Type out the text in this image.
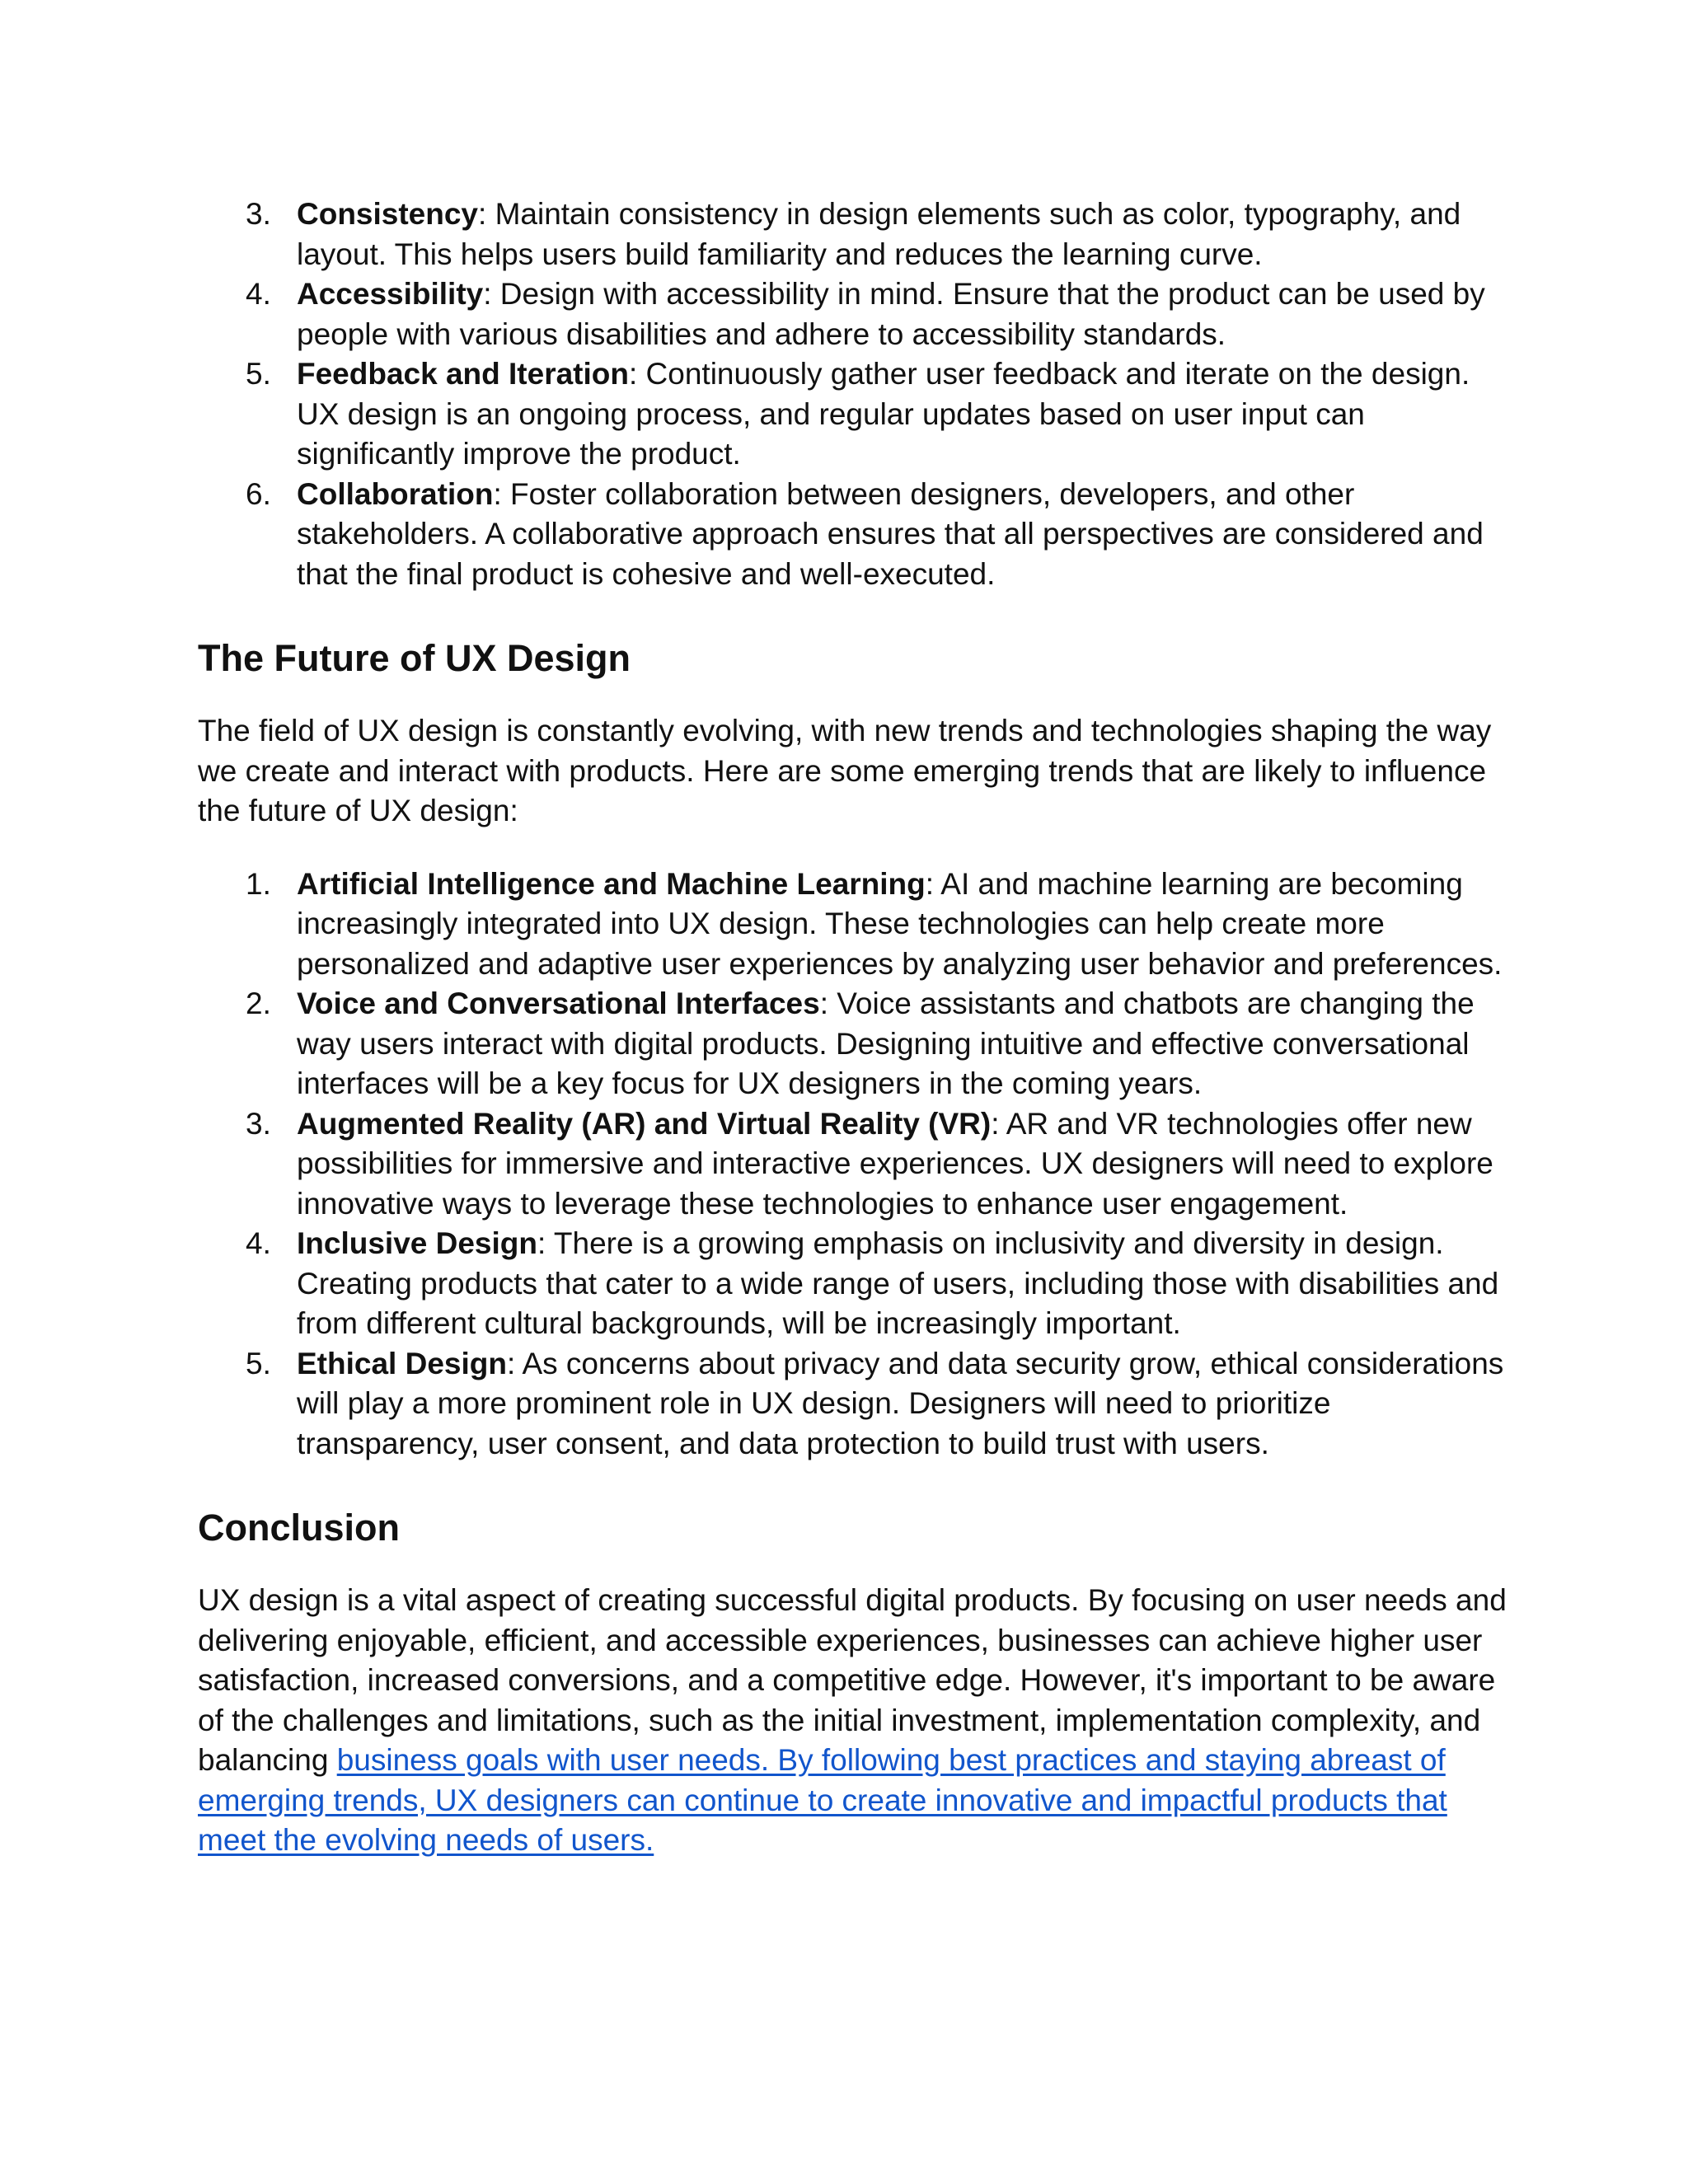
3. Consistency: Maintain consistency in design elements such as color, typography, and layout. This helps users build familiarity and reduces the learning curve.
4. Accessibility: Design with accessibility in mind. Ensure that the product can be used by people with various disabilities and adhere to accessibility standards.
5. Feedback and Iteration: Continuously gather user feedback and iterate on the design. UX design is an ongoing process, and regular updates based on user input can significantly improve the product.
6. Collaboration: Foster collaboration between designers, developers, and other stakeholders. A collaborative approach ensures that all perspectives are considered and that the final product is cohesive and well-executed.
The Future of UX Design

The field of UX design is constantly evolving, with new trends and technologies shaping the way we create and interact with products. Here are some emerging trends that are likely to influence the future of UX design:

1. Artificial Intelligence and Machine Learning: AI and machine learning are becoming increasingly integrated into UX design. These technologies can help create more personalized and adaptive user experiences by analyzing user behavior and preferences.
2. Voice and Conversational Interfaces: Voice assistants and chatbots are changing the way users interact with digital products. Designing intuitive and effective conversational interfaces will be a key focus for UX designers in the coming years.
3. Augmented Reality (AR) and Virtual Reality (VR): AR and VR technologies offer new possibilities for immersive and interactive experiences. UX designers will need to explore innovative ways to leverage these technologies to enhance user engagement.
4. Inclusive Design: There is a growing emphasis on inclusivity and diversity in design. Creating products that cater to a wide range of users, including those with disabilities and from different cultural backgrounds, will be increasingly important.
5. Ethical Design: As concerns about privacy and data security grow, ethical considerations will play a more prominent role in UX design. Designers will need to prioritize transparency, user consent, and data protection to build trust with users.
Conclusion

UX design is a vital aspect of creating successful digital products. By focusing on user needs and delivering enjoyable, efficient, and accessible experiences, businesses can achieve higher user satisfaction, increased conversions, and a competitive edge. However, it's important to be aware of the challenges and limitations, such as the initial investment, implementation complexity, and balancing business goals with user needs. By following best practices and staying abreast of emerging trends, UX designers can continue to create innovative and impactful products that meet the evolving needs of users.
